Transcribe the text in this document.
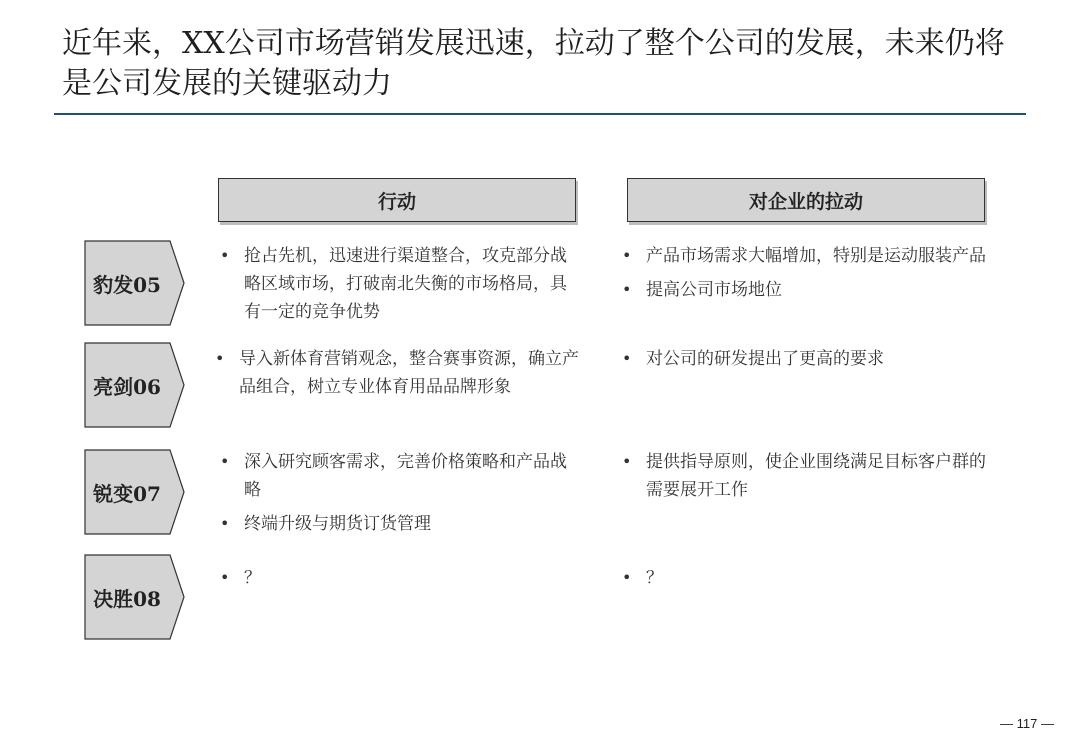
近年来，XX公司市场营销发展迅速，拉动了整个公司的发展，未来仍将是公司发展的关键驱动力
行动	对企业的拉动
豹发05
• 抢占先机，迅速进行渠道整合，攻克部分战略区域市场，打破南北失衡的市场格局，具有一定的竞争优势
• 产品市场需求大幅增加，特别是运动服装产品
• 提高公司市场地位
亮剑06
• 导入新体育营销观念，整合赛事资源，确立产品组合，树立专业体育用品品牌形象
• 对公司的研发提出了更高的要求
锐变07
• 深入研究顾客需求，完善价格策略和产品战略
• 终端升级与期货订货管理
• 提供指导原则，使企业围绕满足目标客户群的需要展开工作
决胜08
• ？
•	？
— 117 —
